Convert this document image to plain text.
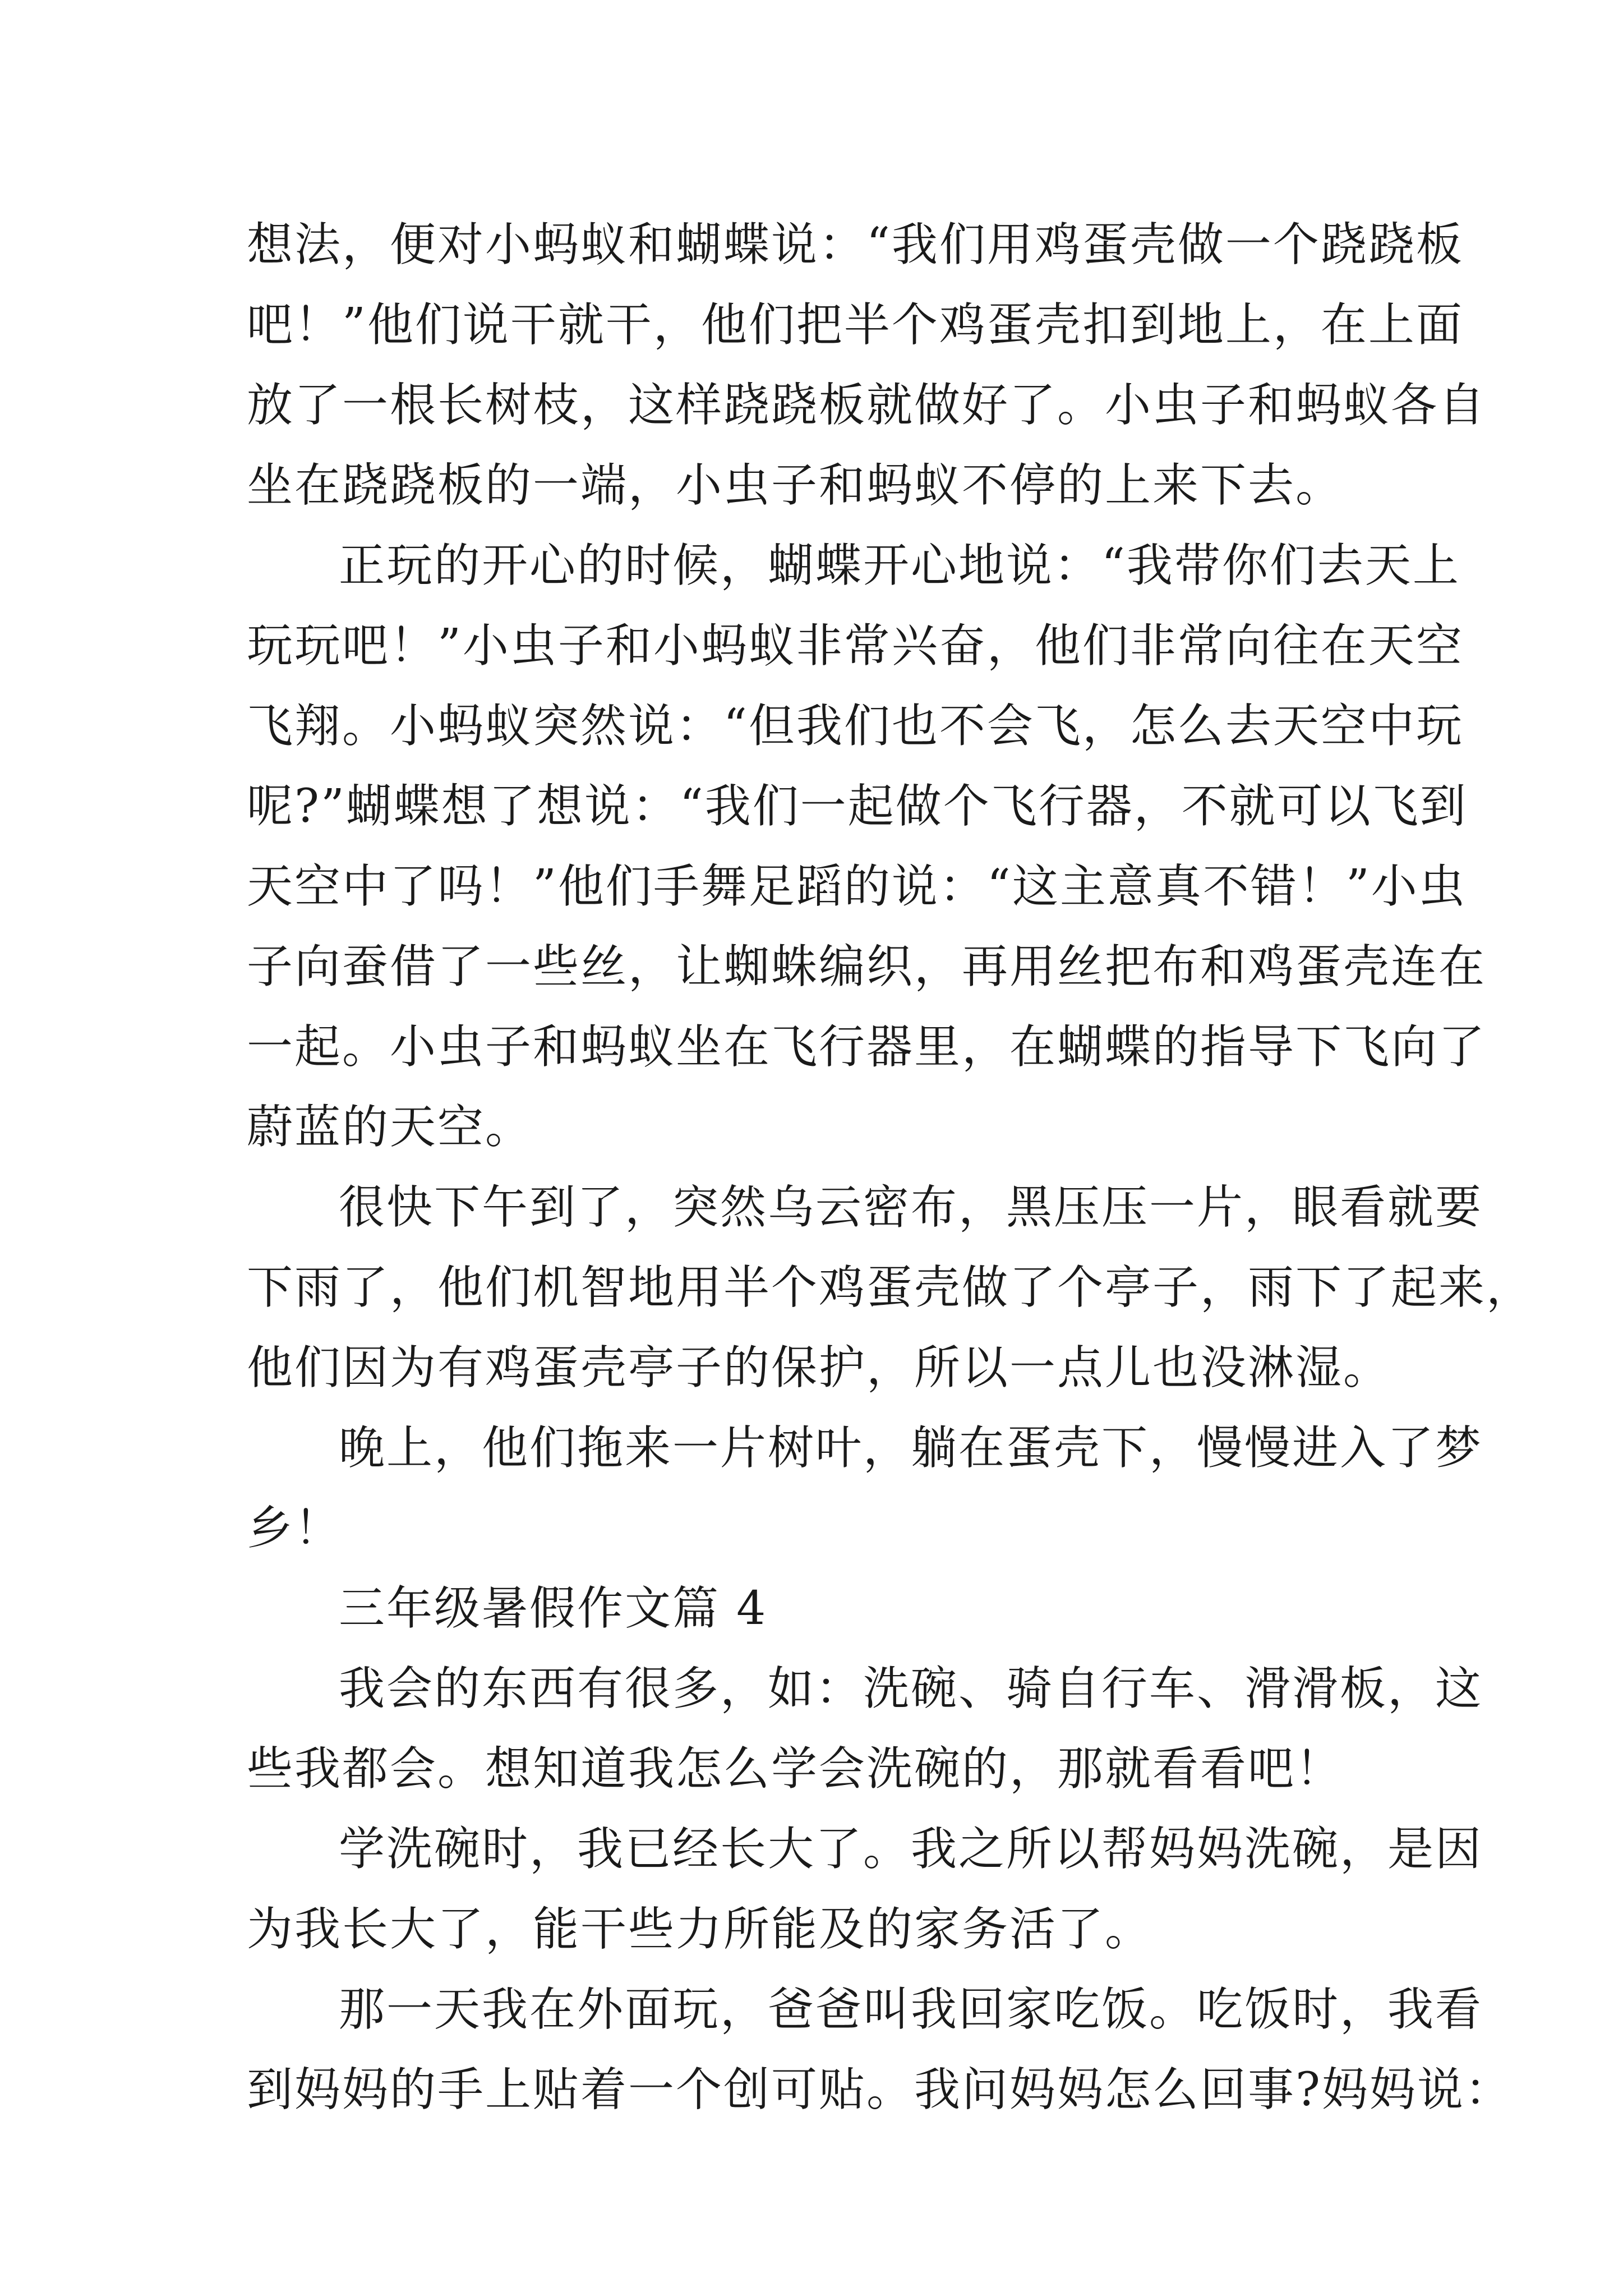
想法，便对小蚂蚁和蝴蝶说：“我们用鸡蛋壳做一个跷跷板
吧！”他们说干就干，他们把半个鸡蛋壳扣到地上，在上面
放了一根长树枝，这样跷跷板就做好了。小虫子和蚂蚁各自
坐在跷跷板的一端，小虫子和蚂蚁不停的上来下去。
正玩的开心的时候，蝴蝶开心地说：“我带你们去天上
玩玩吧！”小虫子和小蚂蚁非常兴奋，他们非常向往在天空
飞翔。小蚂蚁突然说：“但我们也不会飞，怎么去天空中玩
呢?”蝴蝶想了想说：“我们一起做个飞行器，不就可以飞到
天空中了吗！”他们手舞足蹈的说：“这主意真不错！”小虫
子向蚕借了一些丝，让蜘蛛编织，再用丝把布和鸡蛋壳连在
一起。小虫子和蚂蚁坐在飞行器里，在蝴蝶的指导下飞向了
蔚蓝的天空。
很快下午到了，突然乌云密布，黑压压一片，眼看就要
下雨了，他们机智地用半个鸡蛋壳做了个亭子，雨下了起来，
他们因为有鸡蛋壳亭子的保护，所以一点儿也没淋湿。
晚上，他们拖来一片树叶，躺在蛋壳下，慢慢进入了梦
乡！
三年级暑假作文篇 4
我会的东西有很多，如：洗碗、骑自行车、滑滑板，这
些我都会。想知道我怎么学会洗碗的，那就看看吧！
学洗碗时，我已经长大了。我之所以帮妈妈洗碗，是因
为我长大了，能干些力所能及的家务活了。
那一天我在外面玩，爸爸叫我回家吃饭。吃饭时，我看
到妈妈的手上贴着一个创可贴。我问妈妈怎么回事?妈妈说：
